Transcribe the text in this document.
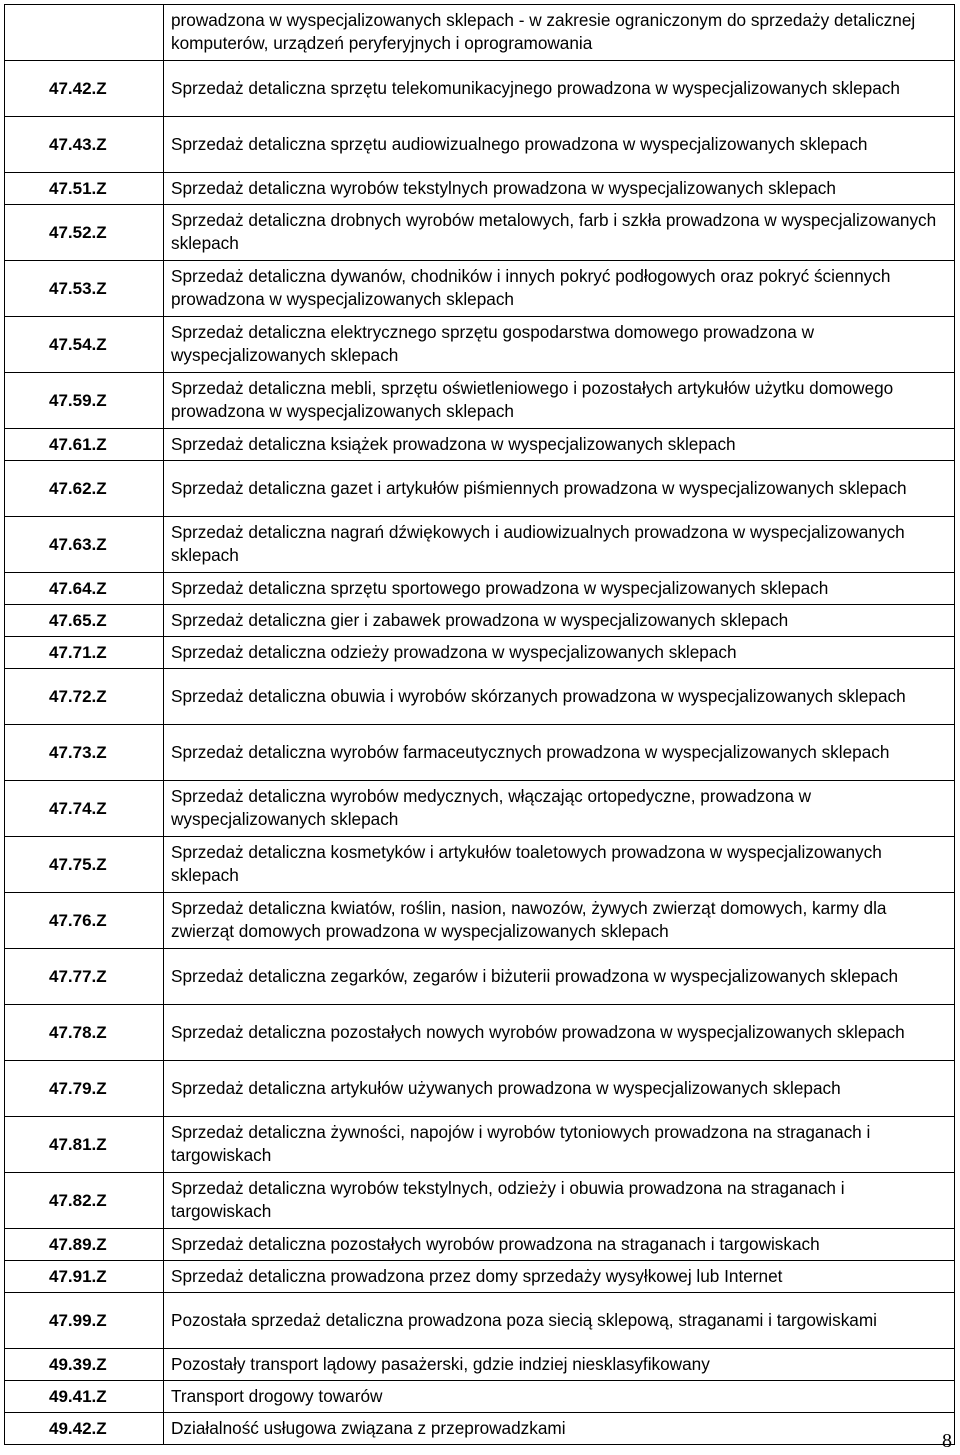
	prowadzona w wyspecjalizowanych sklepach - w zakresie ograniczonym do sprzedaży detalicznej komputerów, urządzeń peryferyjnych i oprogramowania
47.42.Z	Sprzedaż detaliczna sprzętu telekomunikacyjnego prowadzona w wyspecjalizowanych sklepach
47.43.Z	Sprzedaż detaliczna sprzętu audiowizualnego prowadzona w wyspecjalizowanych sklepach
47.51.Z	Sprzedaż detaliczna wyrobów tekstylnych prowadzona w wyspecjalizowanych sklepach
47.52.Z	Sprzedaż detaliczna drobnych wyrobów metalowych, farb i szkła prowadzona w wyspecjalizowanych sklepach
47.53.Z	Sprzedaż detaliczna dywanów, chodników i innych pokryć podłogowych oraz pokryć ściennych prowadzona w wyspecjalizowanych sklepach
47.54.Z	Sprzedaż detaliczna elektrycznego sprzętu gospodarstwa domowego prowadzona w wyspecjalizowanych sklepach
47.59.Z	Sprzedaż detaliczna mebli, sprzętu oświetleniowego i pozostałych artykułów użytku domowego prowadzona w wyspecjalizowanych sklepach
47.61.Z	Sprzedaż detaliczna książek prowadzona w wyspecjalizowanych sklepach
47.62.Z	Sprzedaż detaliczna gazet i artykułów piśmiennych prowadzona w wyspecjalizowanych sklepach
47.63.Z	Sprzedaż detaliczna nagrań dźwiękowych i audiowizualnych prowadzona w wyspecjalizowanych sklepach
47.64.Z	Sprzedaż detaliczna sprzętu sportowego prowadzona w wyspecjalizowanych sklepach
47.65.Z	Sprzedaż detaliczna gier i zabawek prowadzona w wyspecjalizowanych sklepach
47.71.Z	Sprzedaż detaliczna odzieży prowadzona w wyspecjalizowanych sklepach
47.72.Z	Sprzedaż detaliczna obuwia i wyrobów skórzanych prowadzona w wyspecjalizowanych sklepach
47.73.Z	Sprzedaż detaliczna wyrobów farmaceutycznych prowadzona w wyspecjalizowanych sklepach
47.74.Z	Sprzedaż detaliczna wyrobów medycznych, włączając ortopedyczne, prowadzona w wyspecjalizowanych sklepach
47.75.Z	Sprzedaż detaliczna kosmetyków i artykułów toaletowych prowadzona w wyspecjalizowanych sklepach
47.76.Z	Sprzedaż detaliczna kwiatów, roślin, nasion, nawozów, żywych zwierząt domowych, karmy dla zwierząt domowych prowadzona w wyspecjalizowanych sklepach
47.77.Z	Sprzedaż detaliczna zegarków, zegarów i biżuterii prowadzona w wyspecjalizowanych sklepach
47.78.Z	Sprzedaż detaliczna pozostałych nowych wyrobów prowadzona w wyspecjalizowanych sklepach
47.79.Z	Sprzedaż detaliczna artykułów używanych prowadzona w wyspecjalizowanych sklepach
47.81.Z	Sprzedaż detaliczna żywności, napojów i wyrobów tytoniowych prowadzona na straganach i targowiskach
47.82.Z	Sprzedaż detaliczna wyrobów tekstylnych, odzieży i obuwia prowadzona na straganach i targowiskach
47.89.Z	Sprzedaż detaliczna pozostałych wyrobów prowadzona na straganach i targowiskach
47.91.Z	Sprzedaż detaliczna prowadzona przez domy sprzedaży wysyłkowej lub Internet
47.99.Z	Pozostała sprzedaż detaliczna prowadzona poza siecią sklepową, straganami i targowiskami
49.39.Z	Pozostały transport lądowy pasażerski, gdzie indziej niesklasyfikowany
49.41.Z	Transport drogowy towarów
49.42.Z	Działalność usługowa związana z przeprowadzkami
8
